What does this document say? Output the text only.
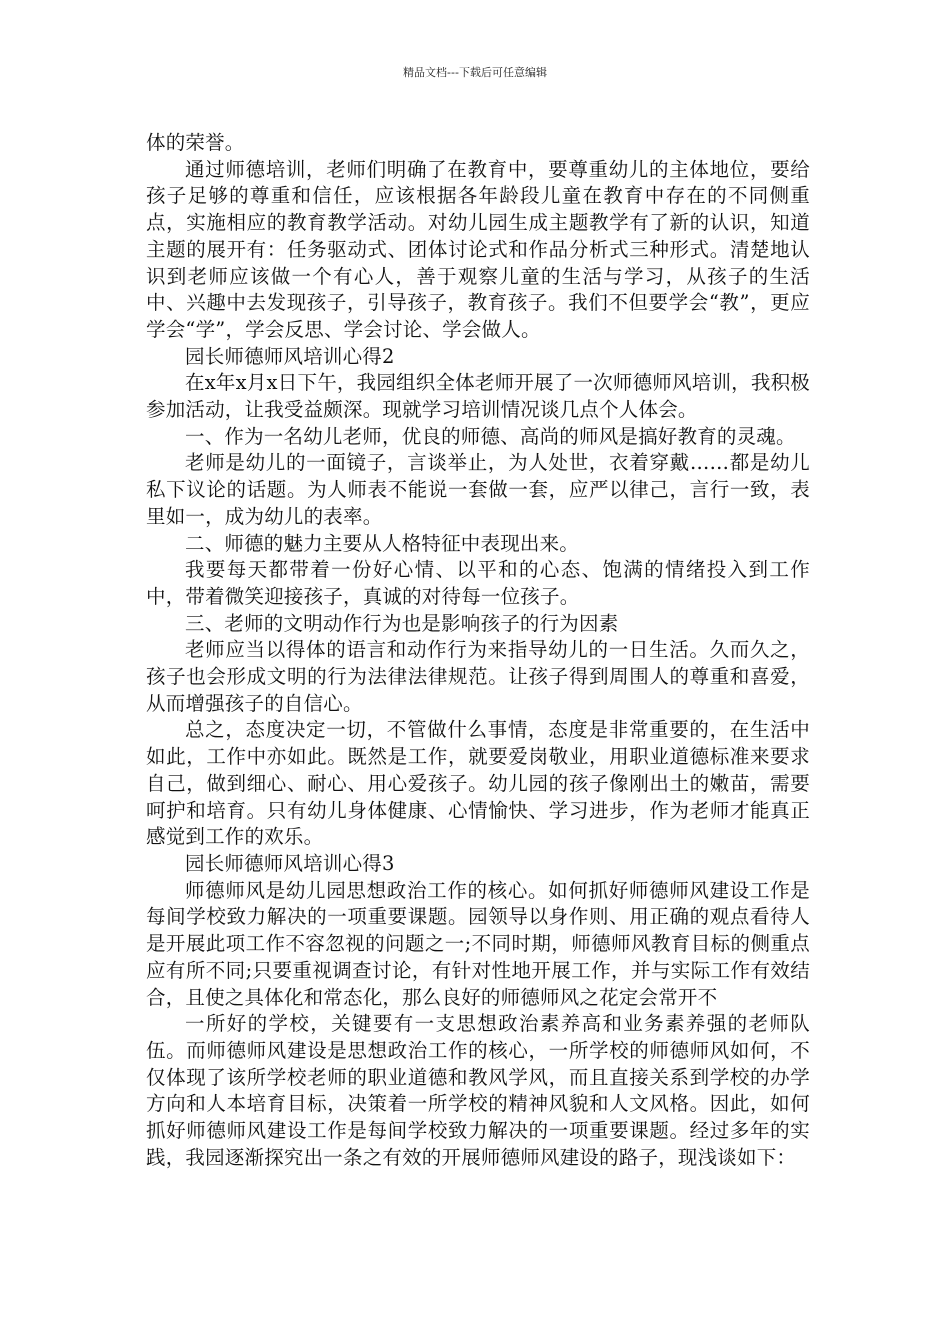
精品文档---下载后可任意编辑

体的荣誉。

通过师德培训，老师们明确了在教育中，要尊重幼儿的主体地位，要给孩子足够的尊重和信任，应该根据各年龄段儿童在教育中存在的不同侧重点，实施相应的教育教学活动。对幼儿园生成主题教学有了新的认识，知道主题的展开有：任务驱动式、团体讨论式和作品分析式三种形式。清楚地认识到老师应该做一个有心人，善于观察儿童的生活与学习，从孩子的生活中、兴趣中去发现孩子，引导孩子，教育孩子。我们不但要学会“教”，更应学会“学”，学会反思、学会讨论、学会做人。

园长师德师风培训心得2

在x年x月x日下午，我园组织全体老师开展了一次师德师风培训，我积极参加活动，让我受益颇深。现就学习培训情况谈几点个人体会。

一、作为一名幼儿老师，优良的师德、高尚的师风是搞好教育的灵魂。

老师是幼儿的一面镜子，言谈举止，为人处世，衣着穿戴……都是幼儿私下议论的话题。为人师表不能说一套做一套，应严以律己，言行一致，表里如一，成为幼儿的表率。

二、师德的魅力主要从人格特征中表现出来。

我要每天都带着一份好心情、以平和的心态、饱满的情绪投入到工作中，带着微笑迎接孩子，真诚的对待每一位孩子。

三、老师的文明动作行为也是影响孩子的行为因素

老师应当以得体的语言和动作行为来指导幼儿的一日生活。久而久之，孩子也会形成文明的行为法律法律规范。让孩子得到周围人的尊重和喜爱，从而增强孩子的自信心。

总之，态度决定一切，不管做什么事情，态度是非常重要的，在生活中如此，工作中亦如此。既然是工作，就要爱岗敬业，用职业道德标准来要求自己，做到细心、耐心、用心爱孩子。幼儿园的孩子像刚出土的嫩苗，需要呵护和培育。只有幼儿身体健康、心情愉快、学习进步，作为老师才能真正感觉到工作的欢乐。

园长师德师风培训心得3

师德师风是幼儿园思想政治工作的核心。如何抓好师德师风建设工作是每间学校致力解决的一项重要课题。园领导以身作则、用正确的观点看待人是开展此项工作不容忽视的问题之一;不同时期，师德师风教育目标的侧重点应有所不同;只要重视调查讨论，有针对性地开展工作，并与实际工作有效结合，且使之具体化和常态化，那么良好的师德师风之花定会常开不

一所好的学校，关键要有一支思想政治素养高和业务素养强的老师队伍。而师德师风建设是思想政治工作的核心，一所学校的师德师风如何，不仅体现了该所学校老师的职业道德和教风学风，而且直接关系到学校的办学方向和人本培育目标，决策着一所学校的精神风貌和人文风格。因此，如何抓好师德师风建设工作是每间学校致力解决的一项重要课题。经过多年的实践，我园逐渐探究出一条之有效的开展师德师风建设的路子，现浅谈如下：
